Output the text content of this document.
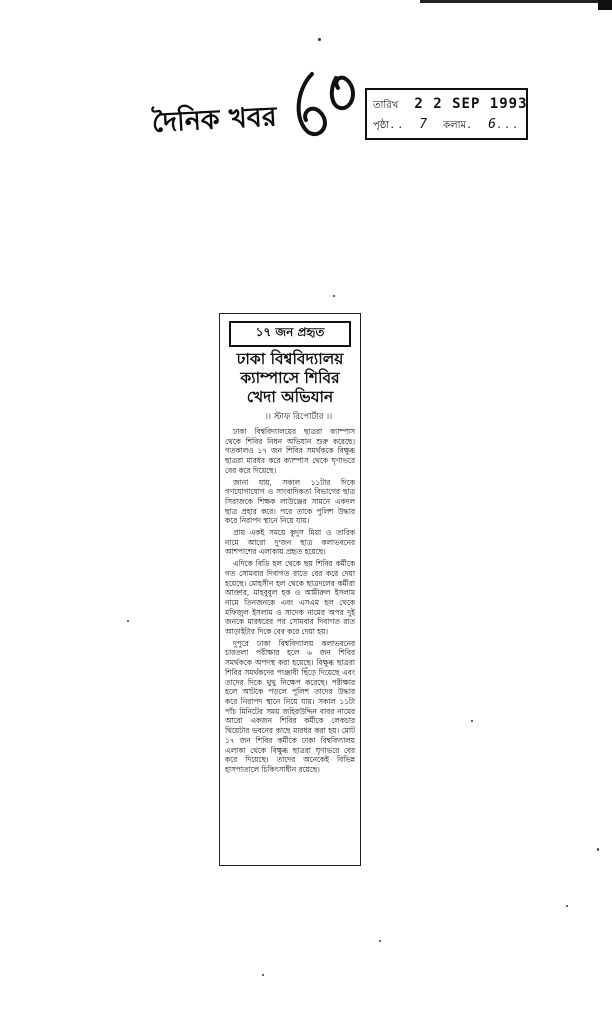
দৈনিক খবর
৬৩
তারিখ 2 2 SEP 1993
পৃষ্ঠা.. 7 কলাম. 6...
১৭ জন প্রহৃত
ঢাকা বিশ্ববিদ্যালয়
ক্যাম্পাসে শিবির
খেদা অভিযান
।। স্টাফ রিপোর্টার ।।

ঢাকা বিশ্ববিদ্যালয়ের ছাত্ররা ক্যাম্পাস থেকে শিবির নিধন অভিযান শুরু করেছে। গতকালও ১৭ জন শিবির সমর্থককে বিক্ষুব্ধ ছাত্ররা মারধর করে ক্যাম্পাস থেকে ঘৃণাভরে বের করে দিয়েছে।

জানা যায়, সকাল ১১টার দিকে গণযোগাযোগ ও সাংবাদিকতা বিভাগের ছাত্র সিরাজকে শিক্ষক লাউঞ্জের সামনে একদল ছাত্র প্রহার করে। পরে তাকে পুলিশ উদ্ধার করে নিরাপদ স্থানে নিয়ে যায়।

প্রায় একই সময়ে কুদুস মিয়া ও তারিক নামে আরো দু'জন ছাত্র কলাভবনের আশপাশের এলাকায় প্রহৃত হয়েছে।

এদিকে বিডি হল থেকে ছয় শিবির কর্মীকে গত সোমবার দিবাগত রাতে বের করে দেয়া হয়েছে। মোহসীন হল থেকে ছাত্রদলের কর্মীরা আক্তার, মাহবুবুল হক ও আমীরুল ইসলাম নামে তিনজনকে এবং এসএম হল থেকে মফিজুল ইসলাম ও সাদেক নামের অপর দুই জনকে মারধরের পর সোমবার দিবাগত রাত আড়াইটার দিকে বের করে দেয়া হয়।

দুপুরে ঢাকা বিশ্ববিদ্যালয় কলাভবনের চারতলা পরীক্ষার হলে ৬ জন শিবির সমর্থককে অপদস্থ করা হয়েছে। বিক্ষুব্ধ ছাত্ররা শিবির সমর্থকদের পাঞ্জাবী ছিঁড়ে দিয়েছে এবং তাদের দিকে থুথু নিক্ষেপ করেছে। পরীক্ষার হলে আটকে পড়লে পুলিশ তাদের উদ্ধার করে নিরাপদ স্থানে নিয়ে যায়। সকাল ১১টা পাঁচ মিনিটের সময় জহিরউদ্দিন বাবর নামের আরো একজন শিবির কর্মীকে লেকচার থিয়েটার ভবনের কাছে মারধর করা হয়। মোট ১৭ জন শিবির কর্মীকে ঢাকা বিশ্ববিদ্যালয় এলাকা থেকে বিক্ষুব্ধ ছাত্ররা ঘৃণাভরে বের করে দিয়েছে। তাদের অনেকেই বিভিন্ন হাসপাতালে চিকিৎসাধীন রয়েছে।
